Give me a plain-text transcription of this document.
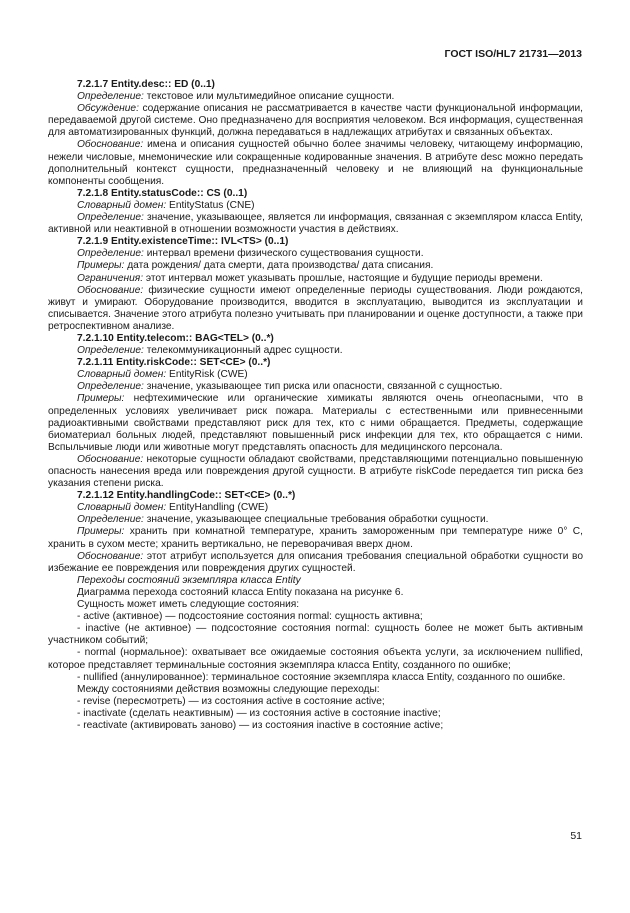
ГОСТ ISO/HL7 21731—2013

7.2.1.7 Entity.desc:: ED (0..1)

Определение: текстовое или мультимедийное описание сущности.

Обсуждение: содержание описания не рассматривается в качестве части функциональной информации, передаваемой другой системе. Оно предназначено для восприятия человеком. Вся информация, существенная для автоматизированных функций, должна передаваться в надлежащих атрибутах и связанных объектах.

Обоснование: имена и описания сущностей обычно более значимы человеку, читающему информацию, нежели числовые, мнемонические или сокращенные кодированные значения. В атрибуте desc можно передать дополнительный контекст сущности, предназначенный человеку и не влияющий на функциональные компоненты сообщения.

7.2.1.8 Entity.statusCode:: CS (0..1)

Словарный домен: EntityStatus (CNE)

Определение: значение, указывающее, является ли информация, связанная с экземпляром класса Entity, активной или неактивной в отношении возможности участия в действиях.

7.2.1.9 Entity.existenceTime:: IVL<TS> (0..1)

Определение: интервал времени физического существования сущности.

Примеры: дата рождения/ дата смерти, дата производства/ дата списания.

Ограничения: этот интервал может указывать прошлые, настоящие и будущие периоды времени.

Обоснование: физические сущности имеют определенные периоды существования. Люди рождаются, живут и умирают. Оборудование производится, вводится в эксплуатацию, выводится из эксплуатации и списывается. Значение этого атрибута полезно учитывать при планировании и оценке доступности, а также при ретроспективном анализе.

7.2.1.10 Entity.telecom:: BAG<TEL> (0..*)

Определение: телекоммуникационный адрес сущности.

7.2.1.11 Entity.riskCode:: SET<CE> (0..*)

Словарный домен: EntityRisk (CWE)

Определение: значение, указывающее тип риска или опасности, связанной с сущностью.

Примеры: нефтехимические или органические химикаты являются очень огнеопасными, что в определенных условиях увеличивает риск пожара. Материалы с естественными или привнесенными радиоактивными свойствами представляют риск для тех, кто с ними обращается. Предметы, содержащие биоматериал больных людей, представляют повышенный риск инфекции для тех, кто обращается с ними. Вспыльчивые люди или животные могут представлять опасность для медицинского персонала.

Обоснование: некоторые сущности обладают свойствами, представляющими потенциально повышенную опасность нанесения вреда или повреждения другой сущности. В атрибуте riskCode передается тип риска без указания степени риска.

7.2.1.12 Entity.handlingCode:: SET<CE> (0..*)

Словарный домен: EntityHandling (CWE)

Определение: значение, указывающее специальные требования обработки сущности.

Примеры: хранить при комнатной температуре, хранить замороженным при температуре ниже 0° C, хранить в сухом месте; хранить вертикально, не переворачивая вверх дном.

Обоснование: этот атрибут используется для описания требования специальной обработки сущности во избежание ее повреждения или повреждения других сущностей.

Переходы состояний экземпляра класса Entity

Диаграмма перехода состояний класса Entity показана на рисунке 6.

Сущность может иметь следующие состояния:

- active (активное) — подсостояние состояния normal: сущность активна;

- inactive (не активное) — подсостояние состояния normal: сущность более не может быть активным участником событий;

- normal (нормальное): охватывает все ожидаемые состояния объекта услуги, за исключением nullified, которое представляет терминальные состояния экземпляра класса Entity, созданного по ошибке;

- nullified (аннулированное): терминальное состояние экземпляра класса Entity, созданного по ошибке.

Между состояниями действия возможны следующие переходы:

- revise (пересмотреть) — из состояния active в состояние active;

- inactivate (сделать неактивным) — из состояния active в состояние inactive;

- reactivate (активировать заново) — из состояния inactive в состояние active;

51
